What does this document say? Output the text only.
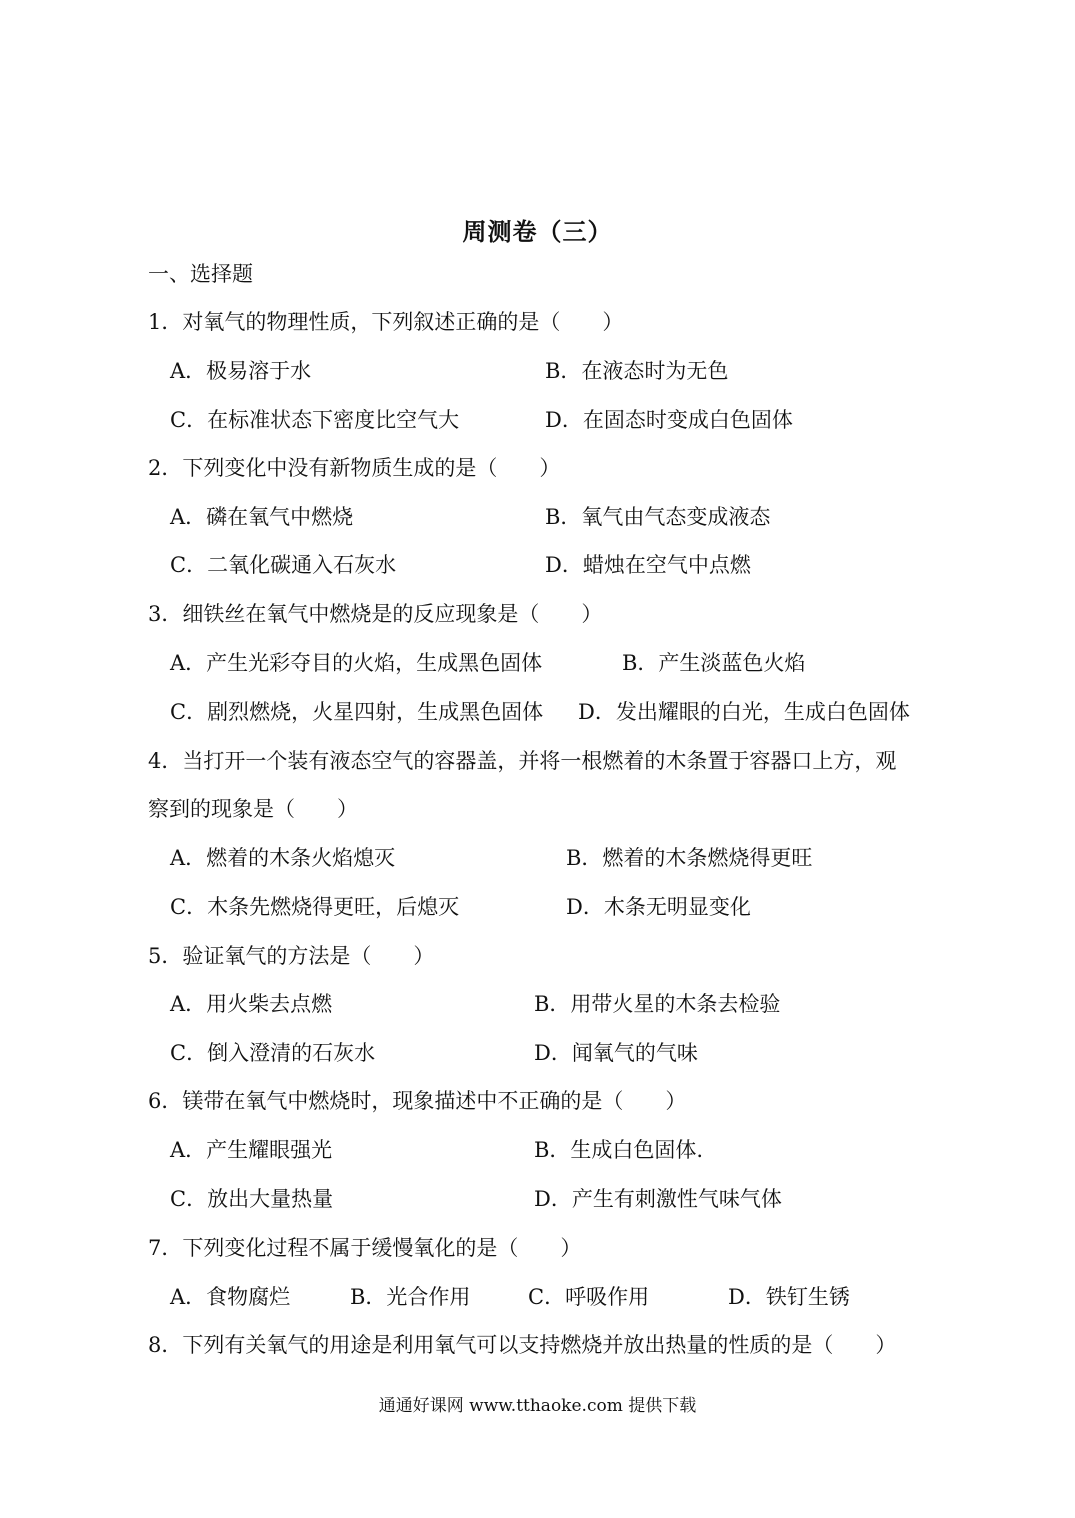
周测卷（三）
一、选择题
1．对氧气的物理性质，下列叙述正确的是（　　）
A．极易溶于水	B．在液态时为无色
C．在标准状态下密度比空气大	D．在固态时变成白色固体
2．下列变化中没有新物质生成的是（　　）
A．磷在氧气中燃烧	B．氧气由气态变成液态
C．二氧化碳通入石灰水	D．蜡烛在空气中点燃
3．细铁丝在氧气中燃烧是的反应现象是（　　）
A．产生光彩夺目的火焰，生成黑色固体	B．产生淡蓝色火焰
C．剧烈燃烧，火星四射，生成黑色固体 D．发出耀眼的白光，生成白色固体
4．当打开一个装有液态空气的容器盖，并将一根燃着的木条置于容器口上方，观
察到的现象是（　　）
A．燃着的木条火焰熄灭	B．燃着的木条燃烧得更旺
C．木条先燃烧得更旺，后熄灭	D．木条无明显变化
5．验证氧气的方法是（　　）
A．用火柴去点燃	B．用带火星的木条去检验
C．倒入澄清的石灰水	D．闻氧气的气味
6．镁带在氧气中燃烧时，现象描述中不正确的是（　　）
A．产生耀眼强光	B．生成白色固体.
C．放出大量热量	D．产生有刺激性气味气体
7．下列变化过程不属于缓慢氧化的是（　　）
A．食物腐烂	B．光合作用	C．呼吸作用	D．铁钉生锈
8．下列有关氧气的用途是利用氧气可以支持燃烧并放出热量的性质的是（　　）
通通好课网 www.tthaoke.com 提供下载
